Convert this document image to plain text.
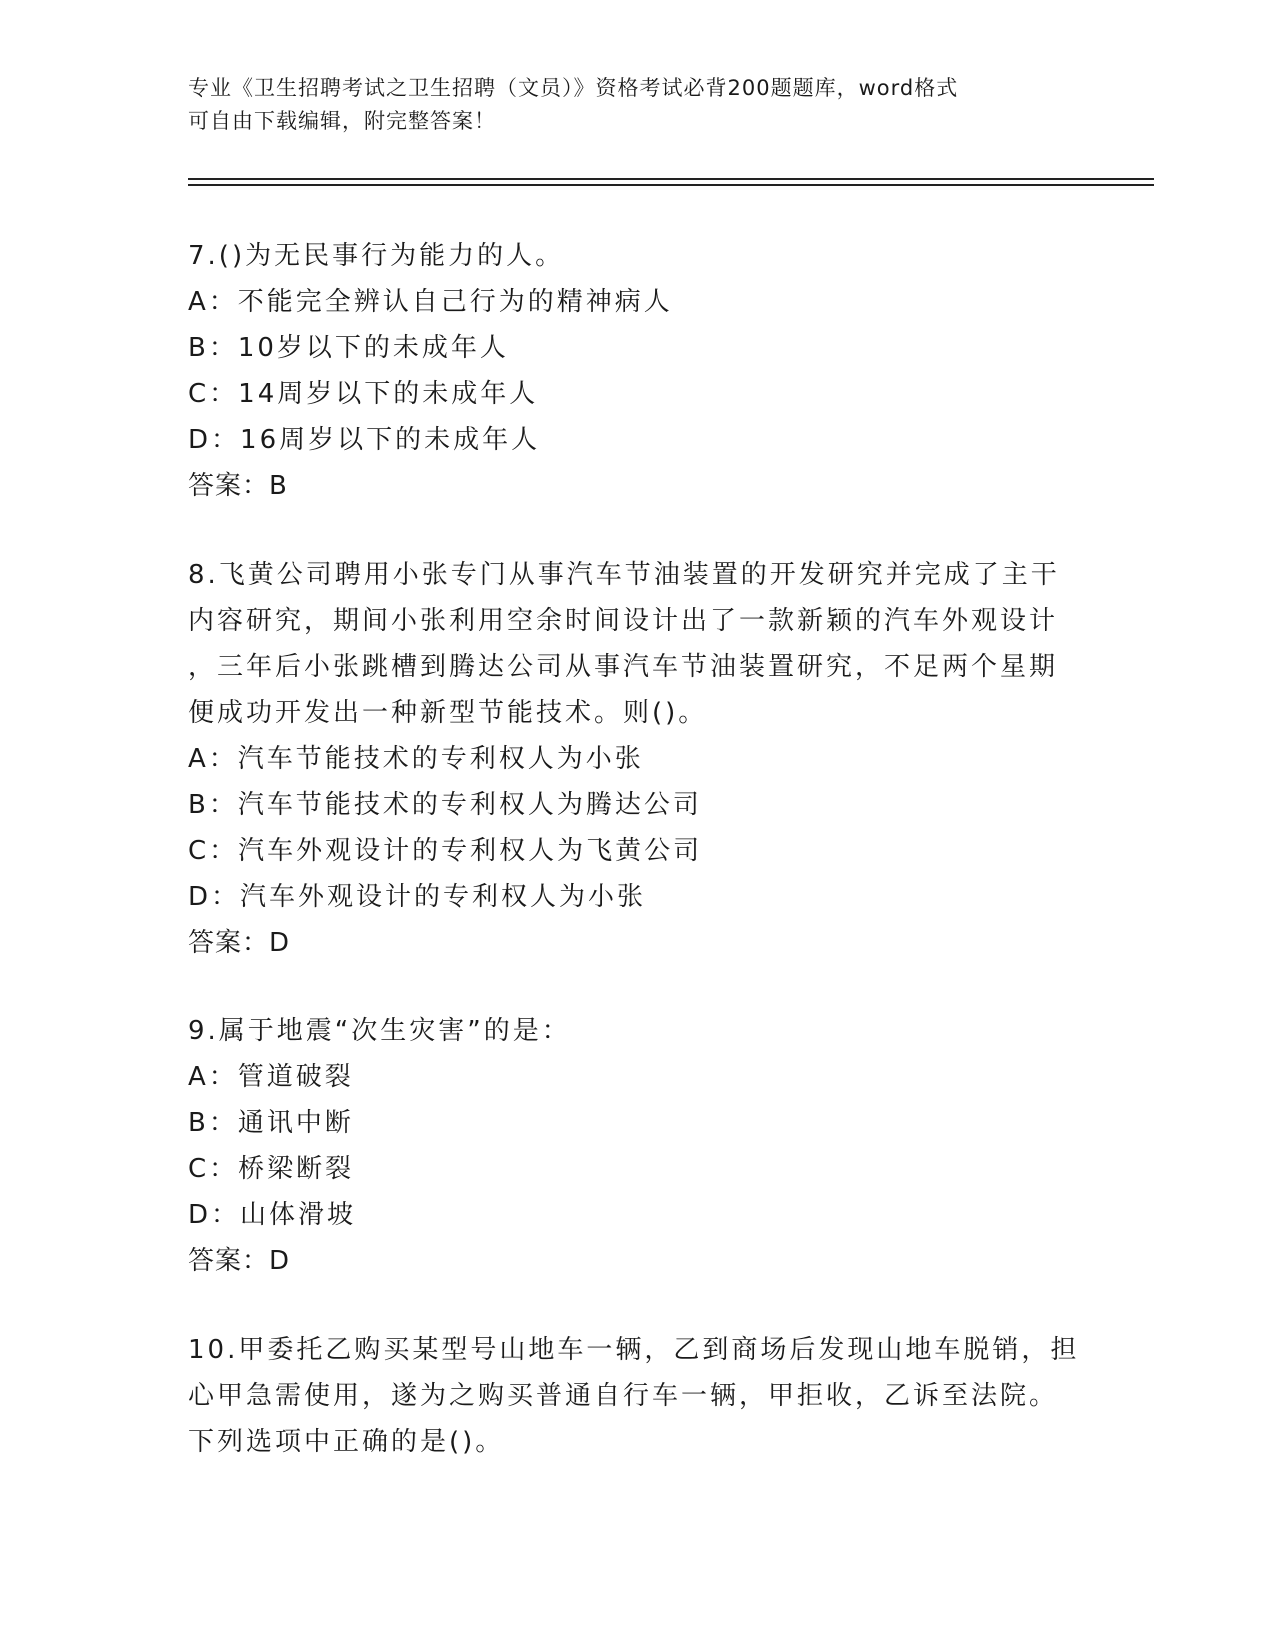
专业《卫生招聘考试之卫生招聘（文员）》资格考试必背200题题库，word格式
可自由下载编辑，附完整答案！
7.()为无民事行为能力的人。
A：不能完全辨认自己行为的精神病人
B：10岁以下的未成年人
C：14周岁以下的未成年人
D：16周岁以下的未成年人
答案：B
8.飞黄公司聘用小张专门从事汽车节油装置的开发研究并完成了主干
内容研究，期间小张利用空余时间设计出了一款新颖的汽车外观设计
，三年后小张跳槽到腾达公司从事汽车节油装置研究，不足两个星期
便成功开发出一种新型节能技术。则()。
A：汽车节能技术的专利权人为小张
B：汽车节能技术的专利权人为腾达公司
C：汽车外观设计的专利权人为飞黄公司
D：汽车外观设计的专利权人为小张
答案：D
9.属于地震“次生灾害”的是：
A：管道破裂
B：通讯中断
C：桥梁断裂
D：山体滑坡
答案：D
10.甲委托乙购买某型号山地车一辆，乙到商场后发现山地车脱销，担
心甲急需使用，遂为之购买普通自行车一辆，甲拒收，乙诉至法院。
下列选项中正确的是()。
